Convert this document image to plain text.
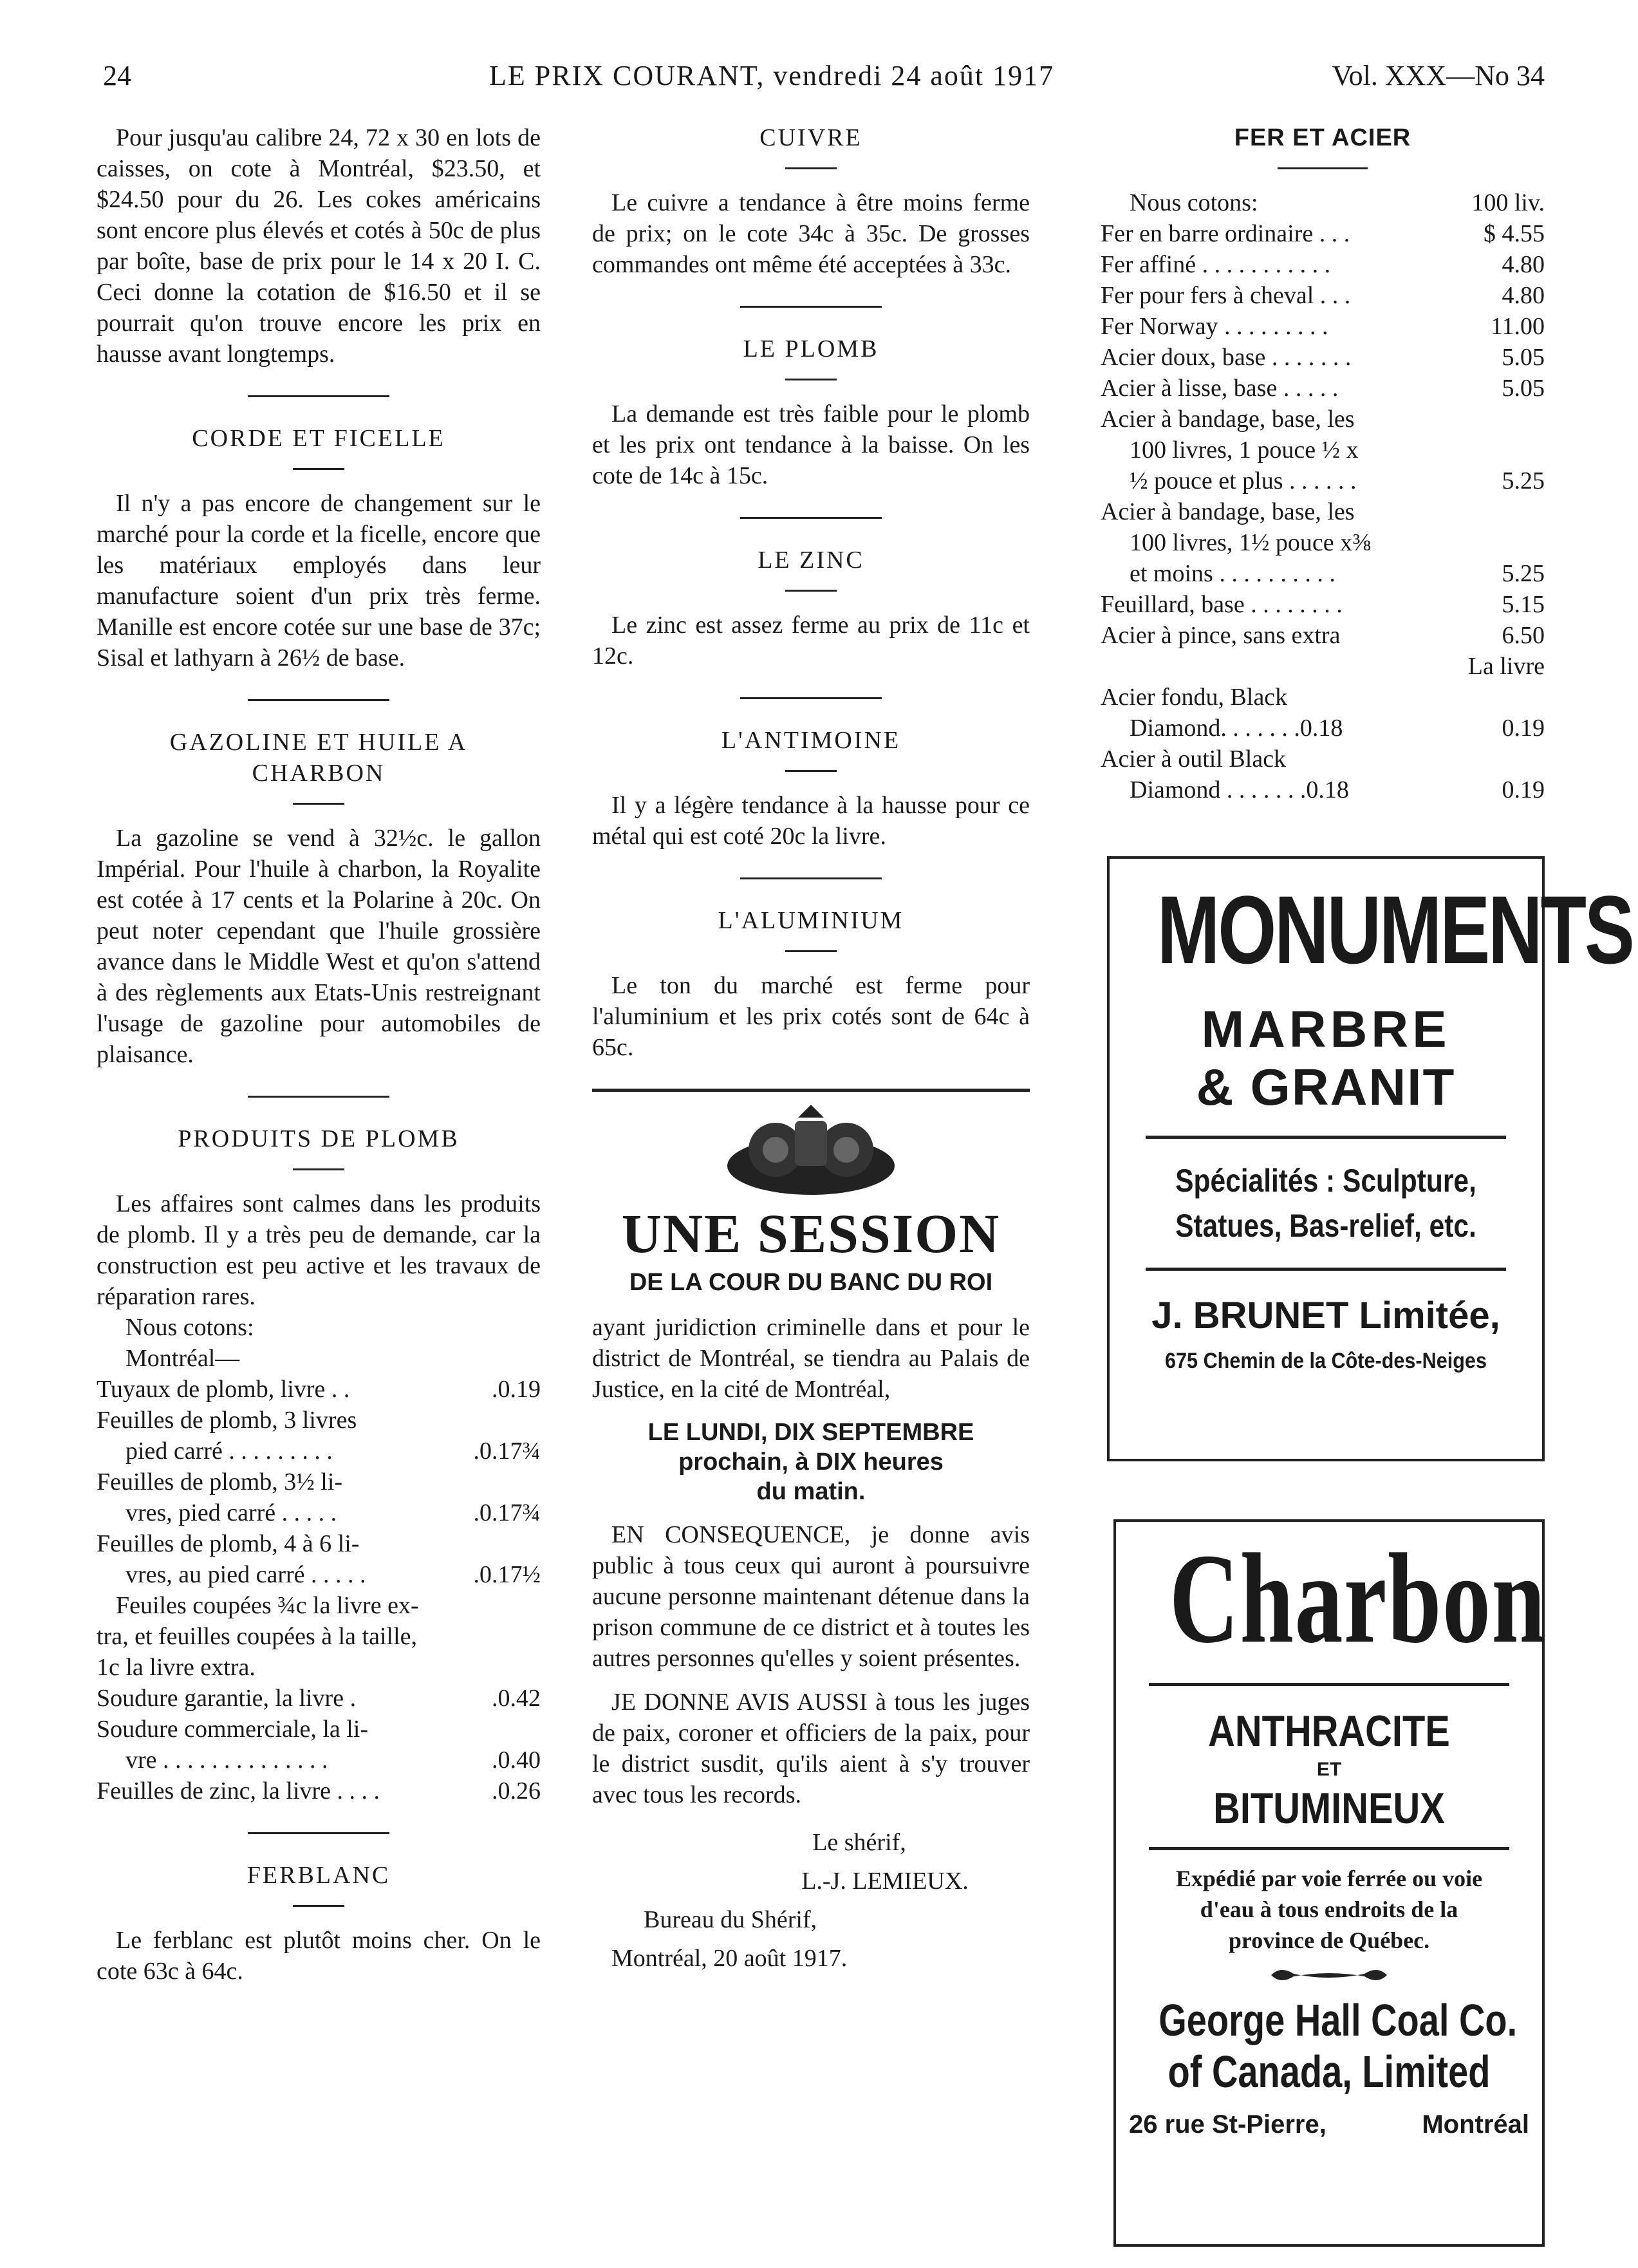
24	LE PRIX COURANT, vendredi 24 août 1917	Vol. XXX—No 34

Pour jusqu'au calibre 24, 72 x 30 en lots de caisses, on cote à Montréal, $23.50, et $24.50 pour du 26. Les cokes américains sont encore plus élevés et cotés à 50c de plus par boîte, base de prix pour le 14 x 20 I. C. Ceci donne la cotation de $16.50 et il se pourrait qu'on trouve encore les prix en hausse avant longtemps.

CORDE ET FICELLE

Il n'y a pas encore de changement sur le marché pour la corde et la ficelle, encore que les matériaux employés dans leur manufacture soient d'un prix très ferme. Manille est encore cotée sur une base de 37c; Sisal et lathyarn à 26½ de base.

GAZOLINE ET HUILE A CHARBON

La gazoline se vend à 32½c. le gallon Impérial. Pour l'huile à charbon, la Royalite est cotée à 17 cents et la Polarine à 20c. On peut noter cependant que l'huile grossière avance dans le Middle West et qu'on s'attend à des règlements aux Etats-Unis restreignant l'usage de gazoline pour automobiles de plaisance.

PRODUITS DE PLOMB

Les affaires sont calmes dans les produits de plomb. Il y a très peu de demande, car la construction est peu active et les travaux de réparation rares.

Nous cotons:
Montréal—
Tuyaux de plomb, livre . .	.0.19
Feuilles de plomb, 3 livres
pied carré . . . . . . . . .	.0.17¾
Feuilles de plomb, 3½ li-
vres, pied carré . . . . .	.0.17¾
Feuilles de plomb, 4 à 6 li-
vres, au pied carré . . . . .	.0.17½
Feuiles coupées ¾c la livre ex-
tra, et feuilles coupées à la taille,
1c la livre extra.
Soudure garantie, la livre .	.0.42
Soudure commerciale, la li-
vre . . . . . . . . . . . . . .	.0.40
Feuilles de zinc, la livre . . . .	.0.26
FERBLANC

Le ferblanc est plutôt moins cher. On le cote 63c à 64c.

CUIVRE

Le cuivre a tendance à être moins ferme de prix; on le cote 34c à 35c. De grosses commandes ont même été acceptées à 33c.

LE PLOMB

La demande est très faible pour le plomb et les prix ont tendance à la baisse. On les cote de 14c à 15c.

LE ZINC

Le zinc est assez ferme au prix de 11c et 12c.

L'ANTIMOINE

Il y a légère tendance à la hausse pour ce métal qui est coté 20c la livre.

L'ALUMINIUM

Le ton du marché est ferme pour l'aluminium et les prix cotés sont de 64c à 65c.

UNE SESSION
DE LA COUR DU BANC DU ROI

ayant juridiction criminelle dans et pour le district de Montréal, se tiendra au Palais de Justice, en la cité de Montréal,

LE LUNDI, DIX SEPTEMBRE
prochain, à DIX heures
du matin.

EN CONSEQUENCE, je donne avis public à tous ceux qui auront à poursuivre aucune personne maintenant détenue dans la prison commune de ce district et à toutes les autres personnes qu'elles y soient présentes.

JE DONNE AVIS AUSSI à tous les juges de paix, coroner et officiers de la paix, pour le district susdit, qu'ils aient à s'y trouver avec tous les records.

Le shérif,
L.-J. LEMIEUX.
Bureau du Shérif,
Montréal, 20 août 1917.
FER ET ACIER
Nous cotons:	100 liv.
Fer en barre ordinaire . . .	$ 4.55
Fer affiné . . . . . . . . . . .	4.80
Fer pour fers à cheval . . .	4.80
Fer Norway . . . . . . . . .	11.00
Acier doux, base . . . . . . .	5.05
Acier à lisse, base . . . . .	5.05
Acier à bandage, base, les
100 livres, 1 pouce ½ x
½ pouce et plus . . . . . .	5.25
Acier à bandage, base, les
100 livres, 1½ pouce x⅜
et moins . . . . . . . . . .	5.25
Feuillard, base . . . . . . . .	5.15
Acier à pince, sans extra	6.50
La livre
Acier fondu, Black
Diamond. . . . . . .0.18	0.19
Acier à outil Black
Diamond . . . . . . .0.18	0.19
MONUMENTS
MARBRE
& GRANIT
Spécialités : Sculpture,
Statues, Bas-relief, etc.
J. BRUNET Limitée,
675 Chemin de la Côte-des-Neiges
Charbon
ANTHRACITE
ET
BITUMINEUX
Expédié par voie ferrée ou voie
d'eau à tous endroits de la
province de Québec.
George Hall Coal Co.
of Canada, Limited
26 rue St-Pierre,	Montréal
